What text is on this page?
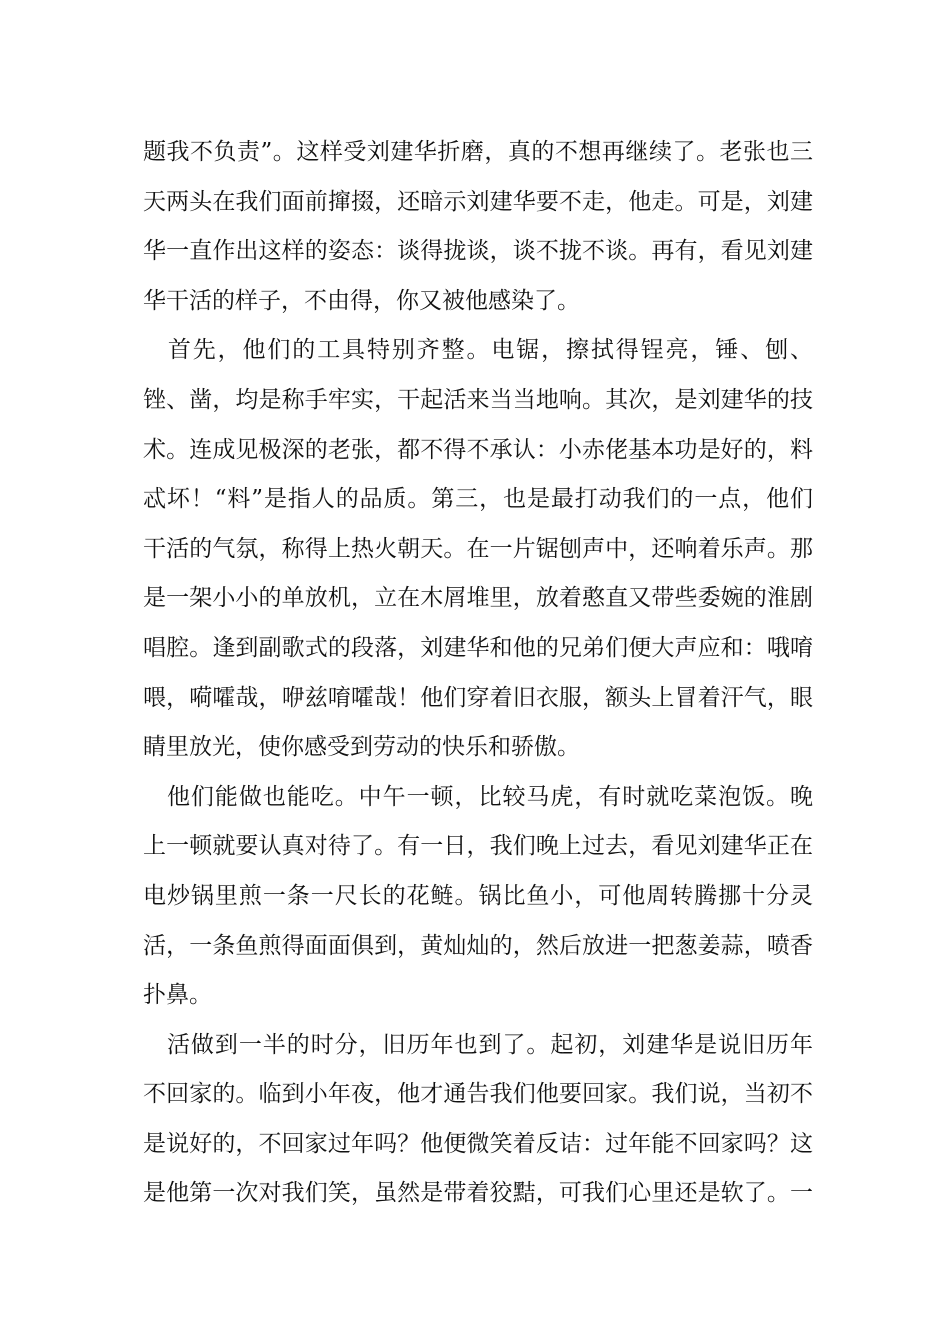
题我不负责”。这样受刘建华折磨，真的不想再继续了。老张也三
天两头在我们面前撺掇，还暗示刘建华要不走，他走。可是，刘建
华一直作出这样的姿态：谈得拢谈，谈不拢不谈。再有，看见刘建
华干活的样子，不由得，你又被他感染了。
　首先，他们的工具特别齐整。电锯，擦拭得锃亮，锤、刨、
锉、凿，均是称手牢实，干起活来当当地响。其次，是刘建华的技
术。连成见极深的老张，都不得不承认：小赤佬基本功是好的，料
忒坏！“料”是指人的品质。第三，也是最打动我们的一点，他们
干活的气氛，称得上热火朝天。在一片锯刨声中，还响着乐声。那
是一架小小的单放机，立在木屑堆里，放着憨直又带些委婉的淮剧
唱腔。逢到副歌式的段落，刘建华和他的兄弟们便大声应和：哦唷
喂，嗬嚯哉，咿兹唷嚯哉！他们穿着旧衣服，额头上冒着汗气，眼
睛里放光，使你感受到劳动的快乐和骄傲。
　他们能做也能吃。中午一顿，比较马虎，有时就吃菜泡饭。晚
上一顿就要认真对待了。有一日，我们晚上过去，看见刘建华正在
电炒锅里煎一条一尺长的花鲢。锅比鱼小，可他周转腾挪十分灵
活，一条鱼煎得面面俱到，黄灿灿的，然后放进一把葱姜蒜，喷香
扑鼻。
　活做到一半的时分，旧历年也到了。起初，刘建华是说旧历年
不回家的。临到小年夜，他才通告我们他要回家。我们说，当初不
是说好的，不回家过年吗？他便微笑着反诘：过年能不回家吗？这
是他第一次对我们笑，虽然是带着狡黠，可我们心里还是软了。一
